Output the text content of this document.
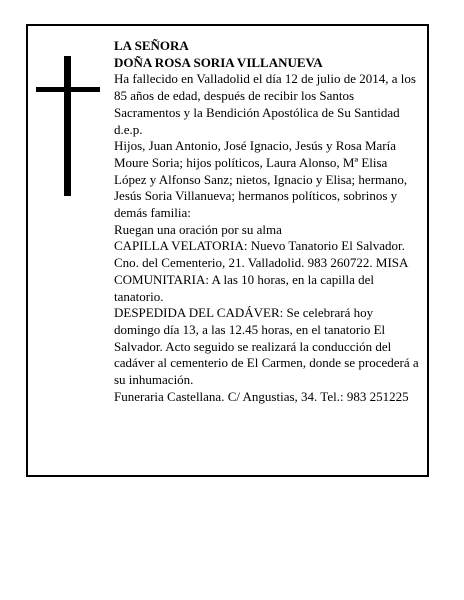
LA SEÑORA

DOÑA ROSA SORIA VILLANUEVA

Ha fallecido en Valladolid el día 12 de julio de 2014, a los 85 años de edad, después de recibir los Santos Sacramentos y la Bendición Apostólica de Su Santidad d.e.p.

Hijos, Juan Antonio, José Ignacio, Jesús y Rosa María Moure Soria; hijos políticos, Laura Alonso, Mª Elisa López y Alfonso Sanz; nietos, Ignacio y Elisa; hermano, Jesús Soria Villanueva; hermanos políticos, sobrinos y demás familia:

Ruegan una oración por su alma

CAPILLA VELATORIA: Nuevo Tanatorio El Salvador. Cno. del Cementerio, 21. Valladolid. 983 260722. MISA COMUNITARIA: A las 10 horas, en la capilla del tanatorio.

DESPEDIDA DEL CADÁVER: Se celebrará hoy domingo día 13, a las 12.45 horas, en el tanatorio El Salvador. Acto seguido se realizará la conducción del cadáver al cementerio de El Carmen, donde se procederá a su inhumación.

Funeraria Castellana. C/ Angustias, 34. Tel.: 983 251225
